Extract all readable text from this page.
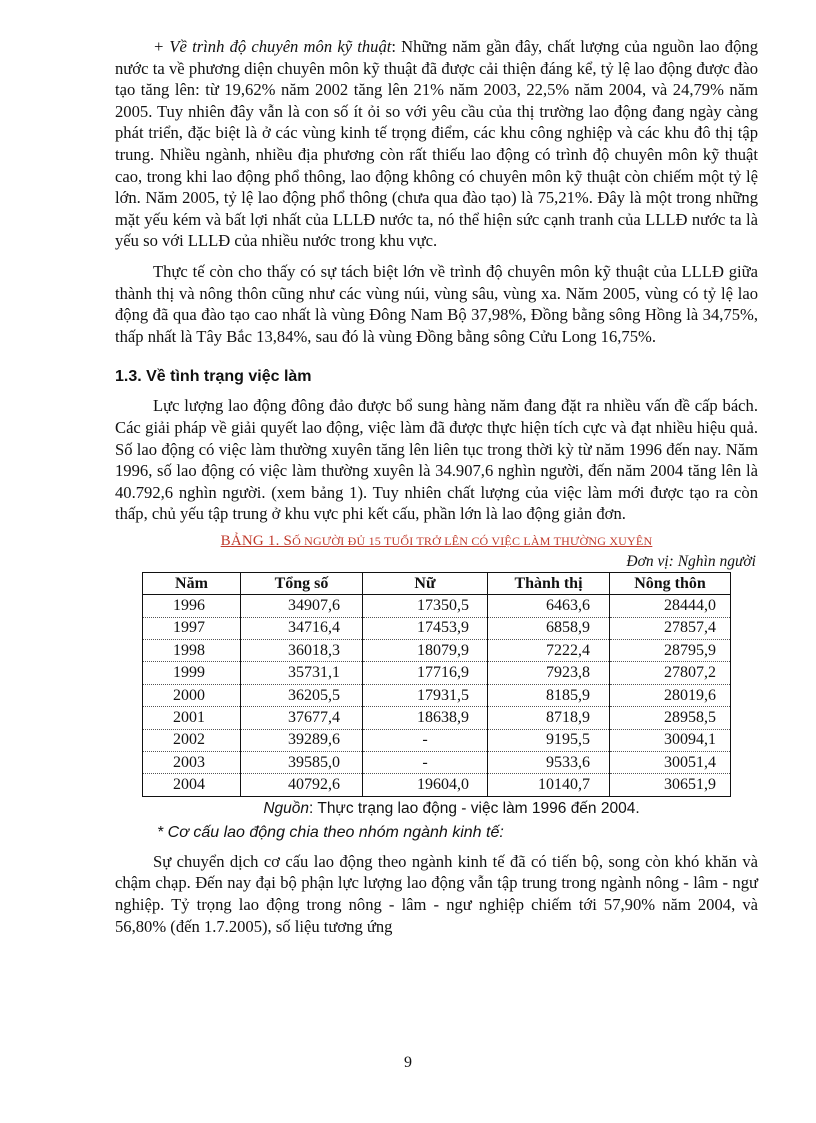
+ Về trình độ chuyên môn kỹ thuật: Những năm gần đây, chất lượng của nguồn lao động nước ta về phương diện chuyên môn kỹ thuật đã được cải thiện đáng kể, tỷ lệ lao động được đào tạo tăng lên: từ 19,62% năm 2002 tăng lên 21% năm 2003, 22,5% năm 2004, và 24,79% năm 2005. Tuy nhiên đây vẫn là con số ít ỏi so với yêu cầu của thị trường lao động đang ngày càng phát triển, đặc biệt là ở các vùng kinh tế trọng điểm, các khu công nghiệp và các khu đô thị tập trung. Nhiều ngành, nhiều địa phương còn rất thiếu lao động có trình độ chuyên môn kỹ thuật cao, trong khi lao động phổ thông, lao động không có chuyên môn kỹ thuật còn chiếm một tỷ lệ lớn. Năm 2005, tỷ lệ lao động phổ thông (chưa qua đào tạo) là 75,21%. Đây là một trong những mặt yếu kém và bất lợi nhất của LLLĐ nước ta, nó thể hiện sức cạnh tranh của LLLĐ nước ta là yếu so với LLLĐ của nhiều nước trong khu vực.

Thực tế còn cho thấy có sự tách biệt lớn về trình độ chuyên môn kỹ thuật của LLLĐ giữa thành thị và nông thôn cũng như các vùng núi, vùng sâu, vùng xa. Năm 2005, vùng có tỷ lệ lao động đã qua đào tạo cao nhất là vùng Đông Nam Bộ 37,98%, Đồng bằng sông Hồng là 34,75%, thấp nhất là Tây Bắc 13,84%, sau đó là vùng Đồng bằng sông Cửu Long 16,75%.

1.3. Về tình trạng việc làm

Lực lượng lao động đông đảo được bổ sung hàng năm đang đặt ra nhiều vấn đề cấp bách. Các giải pháp về giải quyết lao động, việc làm đã được thực hiện tích cực và đạt nhiều hiệu quả. Số lao động có việc làm thường xuyên tăng lên liên tục trong thời kỳ từ năm 1996 đến nay. Năm 1996, số lao động có việc làm thường xuyên là 34.907,6 nghìn người, đến năm 2004 tăng lên là 40.792,6 nghìn người. (xem bảng 1). Tuy nhiên chất lượng của việc làm mới được tạo ra còn thấp, chủ yếu tập trung ở khu vực phi kết cấu, phần lớn là lao động giản đơn.

BẢNG 1. SỐ NGƯỜI ĐỦ 15 TUỔI TRỞ LÊN CÓ VIỆC LÀM THƯỜNG XUYÊN
Đơn vị: Nghìn người
Năm	Tổng số	Nữ	Thành thị	Nông thôn
1996	34907,6	17350,5	6463,6	28444,0
1997	34716,4	17453,9	6858,9	27857,4
1998	36018,3	18079,9	7222,4	28795,9
1999	35731,1	17716,9	7923,8	27807,2
2000	36205,5	17931,5	8185,9	28019,6
2001	37677,4	18638,9	8718,9	28958,5
2002	39289,6	-	9195,5	30094,1
2003	39585,0	-	9533,6	30051,4
2004	40792,6	19604,0	10140,7	30651,9
Nguồn: Thực trạng lao động - việc làm 1996 đến 2004.
* Cơ cấu lao động chia theo nhóm ngành kinh tế:

Sự chuyển dịch cơ cấu lao động theo ngành kinh tế đã có tiến bộ, song còn khó khăn và chậm chạp. Đến nay đại bộ phận lực lượng lao động vẫn tập trung trong ngành nông - lâm - ngư nghiệp. Tỷ trọng lao động trong nông - lâm - ngư nghiệp chiếm tới 57,90% năm 2004, và 56,80% (đến 1.7.2005), số liệu tương ứng

9
